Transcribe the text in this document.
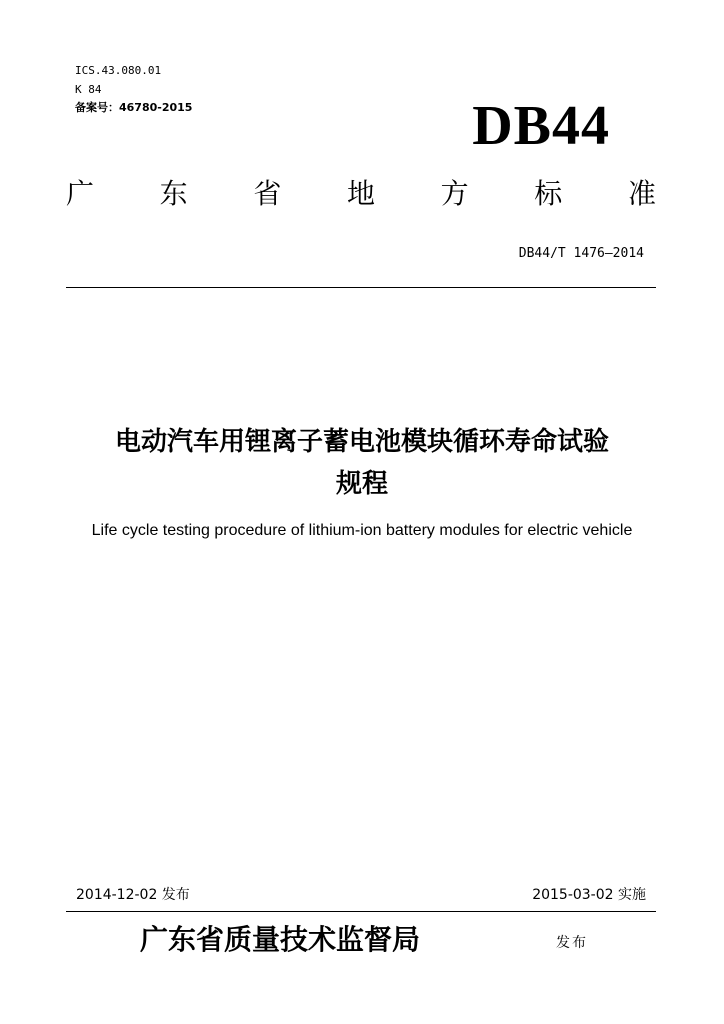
ICS.43.080.01
K 84
备案号：46780-2015	DB44
广 东 省 地 方 标 准
DB44/T 1476—2014
电动汽车用锂离子蓄电池模块循环寿命试验
规程
Life cycle testing procedure of lithium-ion battery modules for electric vehicle
2014-12-02 发布	2015-03-02 实施
广东省质量技术监督局	发布
